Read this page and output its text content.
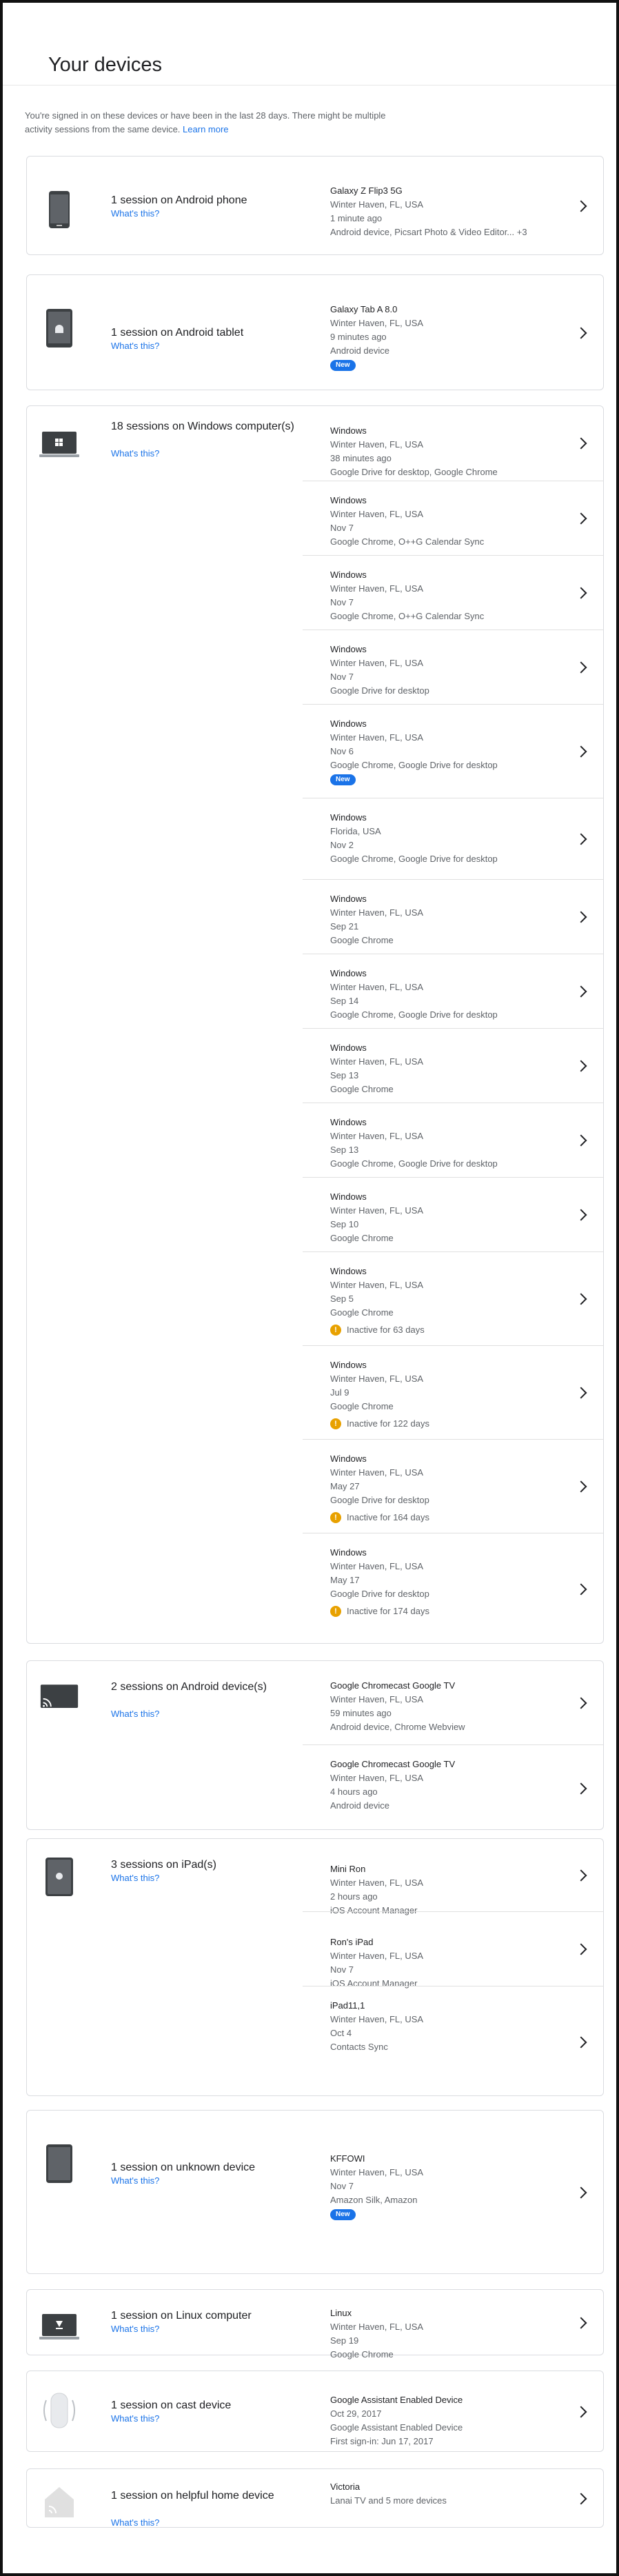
Your devices
You're signed in on these devices or have been in the last 28 days. There might be multiple activity sessions from the same device. Learn more
1 session on Android phone
What's this?
Galaxy Z Flip3 5G
Winter Haven, FL, USA
1 minute ago
Android device, Picsart Photo & Video Editor... +3
1 session on Android tablet
What's this?
Galaxy Tab A 8.0
Winter Haven, FL, USA
9 minutes ago
Android device
New
18 sessions on Windows computer(s)
What's this?
Windows
Winter Haven, FL, USA
38 minutes ago
Google Drive for desktop, Google Chrome
Windows
Winter Haven, FL, USA
Nov 7
Google Chrome, O++G Calendar Sync
Windows
Winter Haven, FL, USA
Nov 7
Google Chrome, O++G Calendar Sync
Windows
Winter Haven, FL, USA
Nov 7
Google Drive for desktop
Windows
Winter Haven, FL, USA
Nov 6
Google Chrome, Google Drive for desktop
New
Windows
Florida, USA
Nov 2
Google Chrome, Google Drive for desktop
Windows
Winter Haven, FL, USA
Sep 21
Google Chrome
Windows
Winter Haven, FL, USA
Sep 14
Google Chrome, Google Drive for desktop
Windows
Winter Haven, FL, USA
Sep 13
Google Chrome
Windows
Winter Haven, FL, USA
Sep 13
Google Chrome, Google Drive for desktop
Windows
Winter Haven, FL, USA
Sep 10
Google Chrome
Windows
Winter Haven, FL, USA
Sep 5
Google Chrome
!	Inactive for 63 days
Windows
Winter Haven, FL, USA
Jul 9
Google Chrome
!	Inactive for 122 days
Windows
Winter Haven, FL, USA
May 27
Google Drive for desktop
!	Inactive for 164 days
Windows
Winter Haven, FL, USA
May 17
Google Drive for desktop
!	Inactive for 174 days
2 sessions on Android device(s)
What's this?
Google Chromecast Google TV
Winter Haven, FL, USA
59 minutes ago
Android device, Chrome Webview
Google Chromecast Google TV
Winter Haven, FL, USA
4 hours ago
Android device
3 sessions on iPad(s)
What's this?
Mini Ron
Winter Haven, FL, USA
2 hours ago
iOS Account Manager
Ron's iPad
Winter Haven, FL, USA
Nov 7
iOS Account Manager
iPad11,1
Winter Haven, FL, USA
Oct 4
Contacts Sync
1 session on unknown device
What's this?
KFFOWI
Winter Haven, FL, USA
Nov 7
Amazon Silk, Amazon
New
1 session on Linux computer
What's this?
Linux
Winter Haven, FL, USA
Sep 19
Google Chrome
1 session on cast device
What's this?
Google Assistant Enabled Device
Oct 29, 2017
Google Assistant Enabled Device
First sign-in: Jun 17, 2017
1 session on helpful home device
What's this?
Victoria
Lanai TV and 5 more devices
